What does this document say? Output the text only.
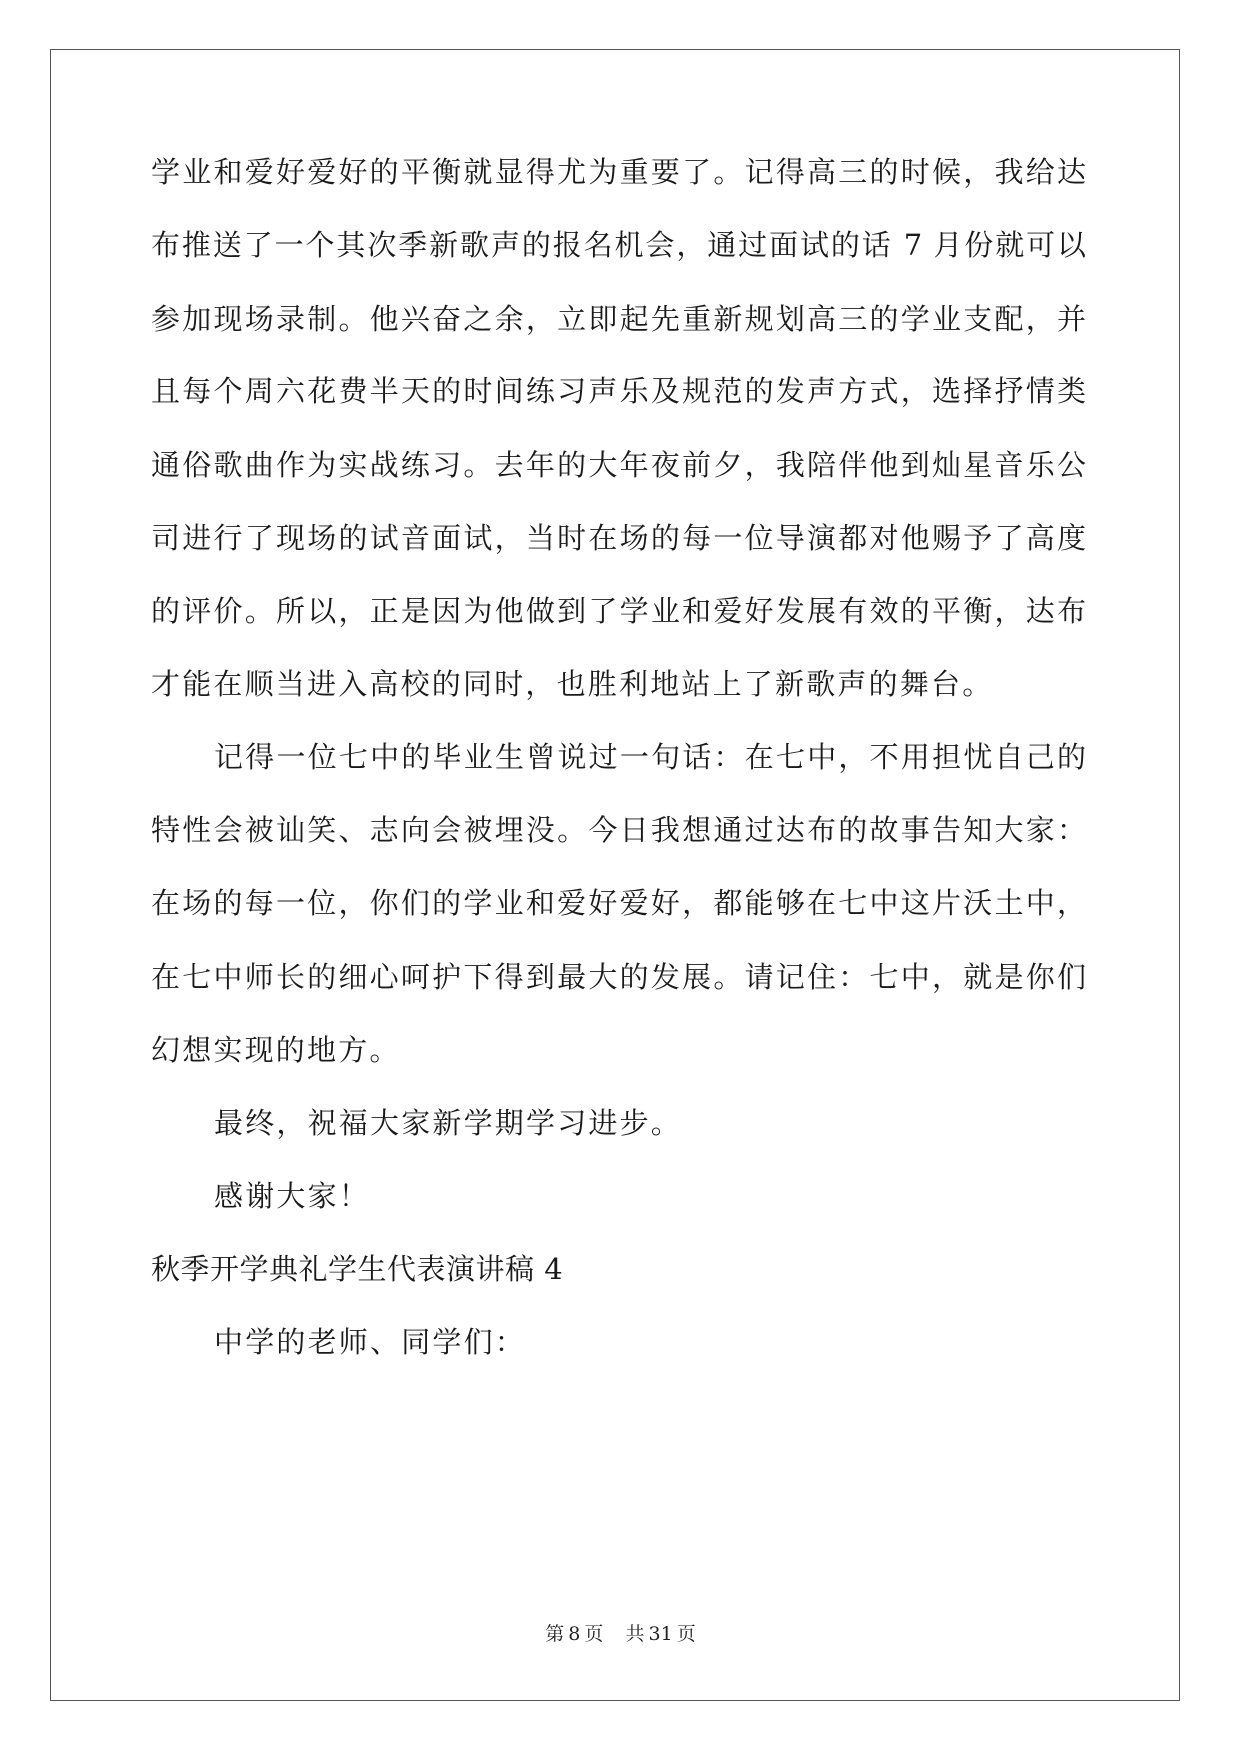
学业和爱好爱好的平衡就显得尤为重要了。记得高三的时候，我给达
布推送了一个其次季新歌声的报名机会，通过面试的话 7 月份就可以
参加现场录制。他兴奋之余，立即起先重新规划高三的学业支配，并
且每个周六花费半天的时间练习声乐及规范的发声方式，选择抒情类
通俗歌曲作为实战练习。去年的大年夜前夕，我陪伴他到灿星音乐公
司进行了现场的试音面试，当时在场的每一位导演都对他赐予了高度
的评价。所以，正是因为他做到了学业和爱好发展有效的平衡，达布
才能在顺当进入高校的同时，也胜利地站上了新歌声的舞台。
记得一位七中的毕业生曾说过一句话：在七中，不用担忧自己的
特性会被讪笑、志向会被埋没。今日我想通过达布的故事告知大家：
在场的每一位，你们的学业和爱好爱好，都能够在七中这片沃土中，
在七中师长的细心呵护下得到最大的发展。请记住：七中，就是你们
幻想实现的地方。
最终，祝福大家新学期学习进步。
感谢大家！
秋季开学典礼学生代表演讲稿 4
中学的老师、同学们：
第 8 页 共 31 页
